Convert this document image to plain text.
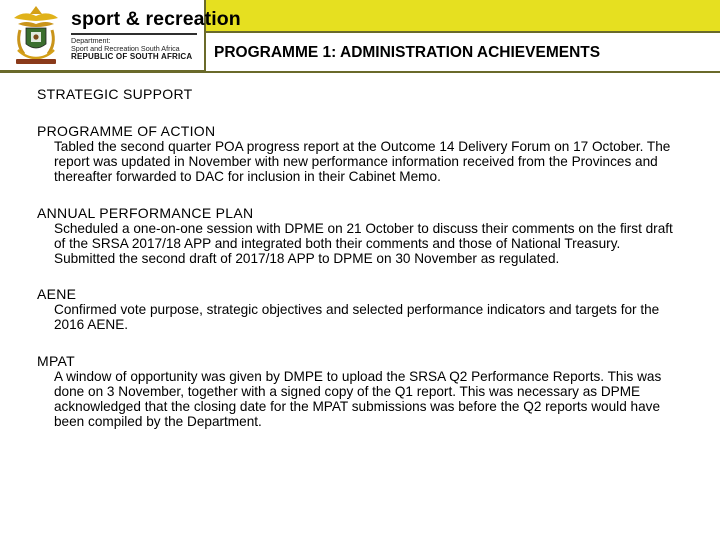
PROGRAMME 1: ADMINISTRATION ACHIEVEMENTS
sport & recreation
Department:
Sport and Recreation South Africa
REPUBLIC OF SOUTH AFRICA
STRATEGIC SUPPORT
PROGRAMME OF ACTION
Tabled the second quarter POA progress report at the Outcome 14 Delivery Forum on 17 October. The report was updated in November with new performance information received from the Provinces and thereafter forwarded to DAC for inclusion in their Cabinet Memo.
ANNUAL PERFORMANCE PLAN
Scheduled a one-on-one session with DPME on 21 October to discuss their comments on the first draft of the SRSA 2017/18 APP and integrated both their comments and those of National Treasury. Submitted the second draft of 2017/18 APP to DPME on 30 November as regulated.
AENE
Confirmed vote purpose, strategic objectives and selected performance indicators and targets for the 2016 AENE.
MPAT
A window of opportunity was given by DMPE to upload the SRSA Q2 Performance Reports. This was done on 3 November, together with a signed copy of the Q1 report. This was necessary as DPME acknowledged that the closing date for the MPAT submissions was before the Q2 reports would have been compiled by the Department.
